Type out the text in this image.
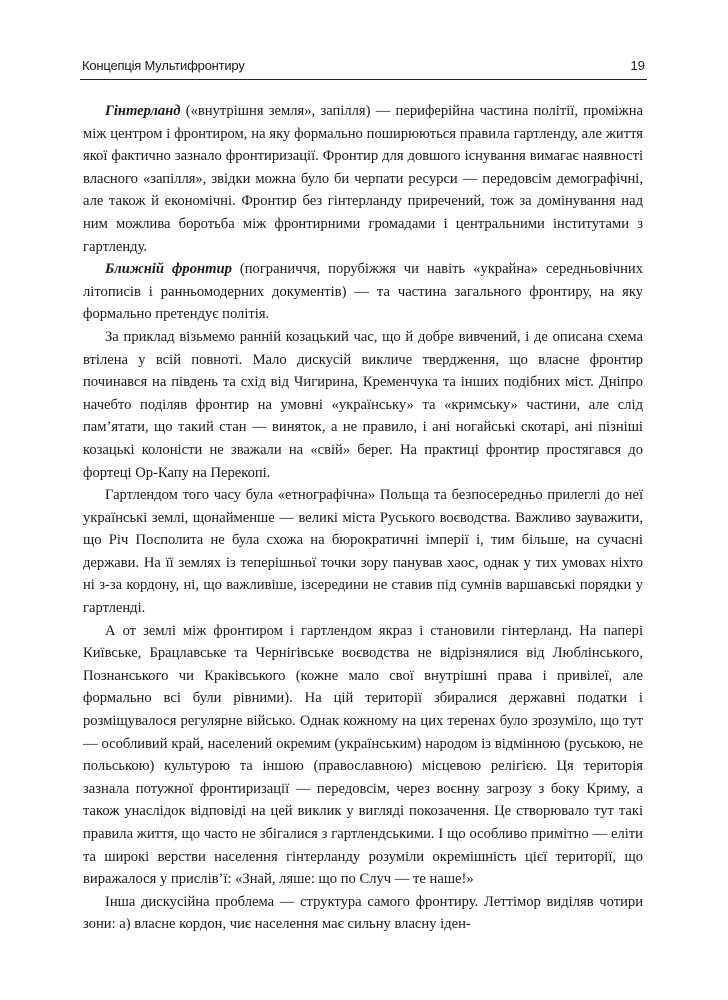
Концепція Мультифронтиру	19

Гінтерланд («внутрішня земля», запілля) — периферійна частина політії, проміжна між центром і фронтиром, на яку формально поширюються правила гартленду, але життя якої фактично зазнало фронтиризації. Фронтир для довшого існування вимагає наявності власного «запілля», звідки можна було би черпати ресурси — передовсім демографічні, але також й економічні. Фронтир без гінтерланду приречений, тож за домінування над ним можлива боротьба між фронтирними громадами і центральними інститутами з гартленду.

Ближній фронтир (пограниччя, порубіжжя чи навіть «украйна» середньовічних літописів і ранньомодерних документів) — та частина загального фронтиру, на яку формально претендує політія.

За приклад візьмемо ранній козацький час, що й добре вивчений, і де описана схема втілена у всій повноті. Мало дискусій викличе твердження, що власне фронтир починався на південь та схід від Чигирина, Кременчука та інших подібних міст. Дніпро начебто поділяв фронтир на умовні «українську» та «кримську» частини, але слід пам’ятати, що такий стан — виняток, а не правило, і ані ногайські скотарі, ані пізніші козацькі колоністи не зважали на «свій» берег. На практиці фронтир простягався до фортеці Ор-Капу на Перекопі.

Гартлендом того часу була «етнографічна» Польща та безпосередньо прилеглі до неї українські землі, щонайменше — великі міста Руського воєводства. Важливо зауважити, що Річ Посполита не була схожа на бюрократичні імперії і, тим більше, на сучасні держави. На її землях із теперішньої точки зору панував хаос, однак у тих умовах ніхто ні з-за кордону, ні, що важливіше, ізсередини не ставив під сумнів варшавські порядки у гартленді.

А от землі між фронтиром і гартлендом якраз і становили гінтерланд. На папері Київське, Брацлавське та Чернігівське воєводства не відрізнялися від Люблінського, Познанського чи Краківського (кожне мало свої внутрішні права і привілеї, але формально всі були рівними). На цій території збиралися державні податки і розміщувалося регулярне військо. Однак кожному на цих теренах було зрозуміло, що тут — особливий край, населений окремим (українським) народом із відмінною (руською, не польською) культурою та іншою (православною) місцевою релігією. Ця територія зазнала потужної фронтиризації — передовсім, через воєнну загрозу з боку Криму, а також унаслідок відповіді на цей виклик у вигляді покозачення. Це створювало тут такі правила життя, що часто не збігалися з гартлендськими. І що особливо примітно — еліти та широкі верстви населення гінтерланду розуміли окремішність цієї території, що виражалося у прислів’ї: «Знай, ляше: що по Случ — те наше!»

Інша дискусійна проблема — структура самого фронтиру. Леттімор виділяв чотири зони: а) власне кордон, чиє населення має сильну власну іден-
